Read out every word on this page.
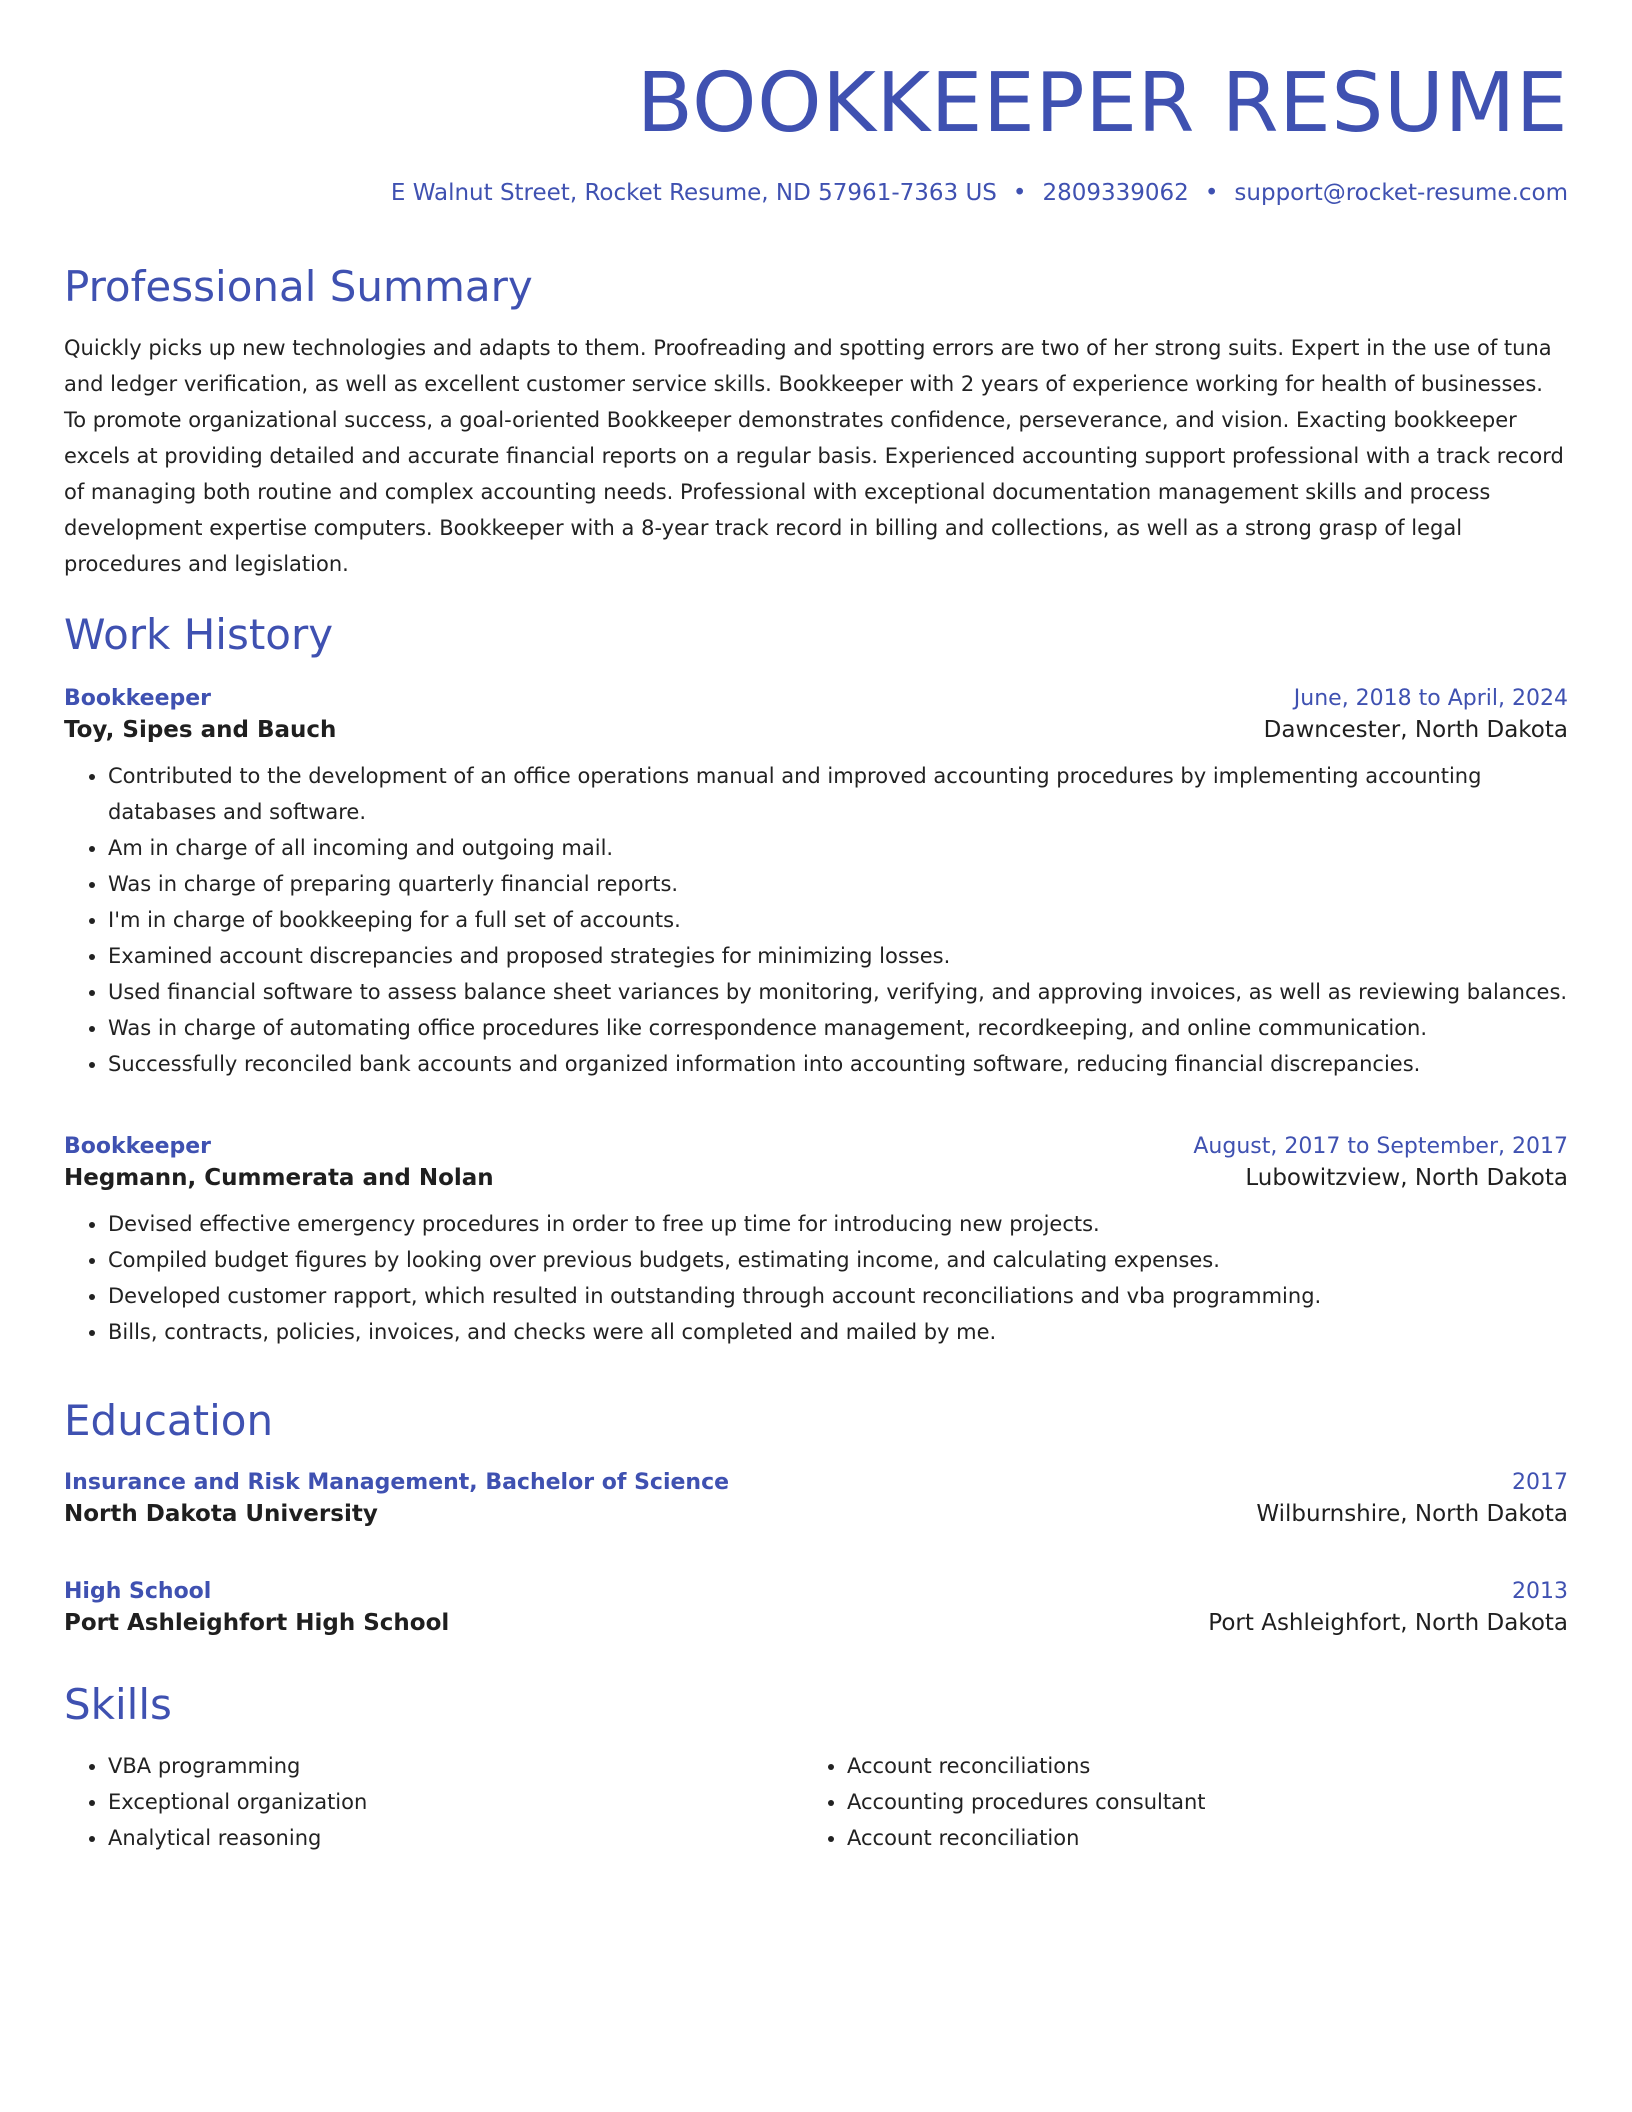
BOOKKEEPER RESUME
E Walnut Street, Rocket Resume, ND 57961-7363 US • 2809339062 • support@rocket-resume.com
Professional Summary

Quickly picks up new technologies and adapts to them. Proofreading and spotting errors are two of her strong suits. Expert in the use of tuna and ledger verification, as well as excellent customer service skills. Bookkeeper with 2 years of experience working for health of businesses. To promote organizational success, a goal-oriented Bookkeeper demonstrates confidence, perseverance, and vision. Exacting bookkeeper excels at providing detailed and accurate financial reports on a regular basis. Experienced accounting support professional with a track record of managing both routine and complex accounting needs. Professional with exceptional documentation management skills and process development expertise computers. Bookkeeper with a 8-year track record in billing and collections, as well as a strong grasp of legal procedures and legislation.

Work History
Bookkeeper	June, 2018 to April, 2024
Toy, Sipes and Bauch	Dawncester, North Dakota
• Contributed to the development of an office operations manual and improved accounting procedures by implementing accounting databases and software.
• Am in charge of all incoming and outgoing mail.
• Was in charge of preparing quarterly financial reports.
• I'm in charge of bookkeeping for a full set of accounts.
• Examined account discrepancies and proposed strategies for minimizing losses.
• Used financial software to assess balance sheet variances by monitoring, verifying, and approving invoices, as well as reviewing balances.
• Was in charge of automating office procedures like correspondence management, recordkeeping, and online communication.
• Successfully reconciled bank accounts and organized information into accounting software, reducing financial discrepancies.
Bookkeeper	August, 2017 to September, 2017
Hegmann, Cummerata and Nolan	Lubowitzview, North Dakota
• Devised effective emergency procedures in order to free up time for introducing new projects.
• Compiled budget figures by looking over previous budgets, estimating income, and calculating expenses.
• Developed customer rapport, which resulted in outstanding through account reconciliations and vba programming.
• Bills, contracts, policies, invoices, and checks were all completed and mailed by me.
Education
Insurance and Risk Management, Bachelor of Science	2017
North Dakota University	Wilburnshire, North Dakota
High School	2013
Port Ashleighfort High School	Port Ashleighfort, North Dakota
Skills
• VBA programming
• Exceptional organization
• Analytical reasoning
• Account reconciliations
• Accounting procedures consultant
• Account reconciliation
